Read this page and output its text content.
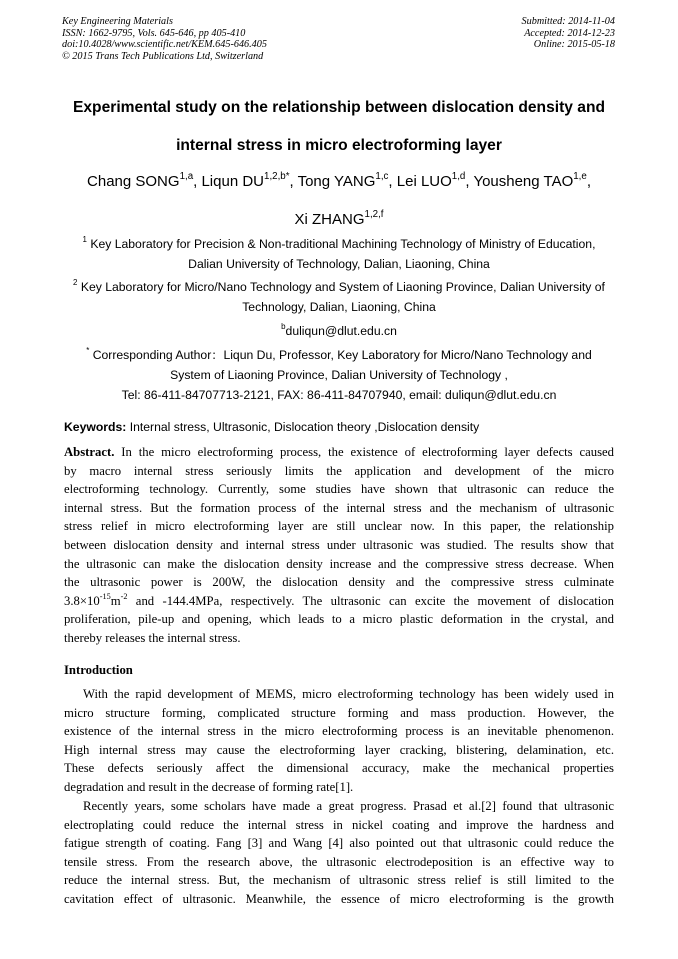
Key Engineering Materials
ISSN: 1662-9795, Vols. 645-646, pp 405-410
doi:10.4028/www.scientific.net/KEM.645-646.405
© 2015 Trans Tech Publications Ltd, Switzerland
Submitted: 2014-11-04
Accepted: 2014-12-23
Online: 2015-05-18
Experimental study on the relationship between dislocation density and
internal stress in micro electroforming layer
Chang SONG$^{1,a}$, Liqun $DU^{1,2,b*}$, Tong YANG$^{1,c}$, Lei LUO$^{1,d}$, Yousheng TAO$^{1,e}$,
Xi ZHANG$^{1,2,f}$
$^1$ Key Laboratory for Precision & Non-traditional Machining Technology of Ministry of Education,
Dalian University of Technology, Dalian, Liaoning, China
$^2$ Key Laboratory for Micro/Nano Technology and System of Liaoning Province, Dalian University of
Technology, Dalian, Liaoning, China
$^b$duliqun@dlut.edu.cn
* Corresponding Author：Liqun Du, Professor, Key Laboratory for Micro/Nano Technology and
System of Liaoning Province, Dalian University of Technology ,
Tel: 86-411-84707713-2121, FAX: 86-411-84707940, email: duliqun@dlut.edu.cn
Keywords: Internal stress, Ultrasonic, Dislocation theory ,Dislocation density
Abstract. In the micro electroforming process, the existence of electroforming layer defects caused
by macro internal stress seriously limits the application and development of the micro
electroforming technology. Currently, some studies have shown that ultrasonic can reduce the
internal stress. But the formation process of the internal stress and the mechanism of ultrasonic
stress relief in micro electroforming layer are still unclear now. In this paper, the relationship
between dislocation density and internal stress under ultrasonic was studied. The results show that
the ultrasonic can make the dislocation density increase and the compressive stress decrease. When
the ultrasonic power is 200W, the dislocation density and the compressive stress culminate
$3.8\times 10^{-15}m^{-2}$ and -144.4MPa, respectively. The ultrasonic can excite the movement of dislocation
proliferation, pile-up and opening, which leads to a micro plastic deformation in the crystal, and
thereby releases the internal stress.
Introduction
With the rapid development of MEMS, micro electroforming technology has been widely used in
micro structure forming, complicated structure forming and mass production. However, the
existence of the internal stress in the micro electroforming process is an inevitable phenomenon.
High internal stress may cause the electroforming layer cracking, blistering, delamination, etc.
These defects seriously affect the dimensional accuracy, make the mechanical properties
degradation and result in the decrease of forming rate[1].
Recently years, some scholars have made a great progress. Prasad et al.[2] found that ultrasonic
electroplating could reduce the internal stress in nickel coating and improve the hardness and
fatigue strength of coating. Fang [3] and Wang [4] also pointed out that ultrasonic could reduce the
tensile stress. From the research above, the ultrasonic electrodeposition is an effective way to
reduce the internal stress. But, the mechanism of ultrasonic stress relief is still limited to the
cavitation effect of ultrasonic. Meanwhile, the essence of micro electroforming is the growth
